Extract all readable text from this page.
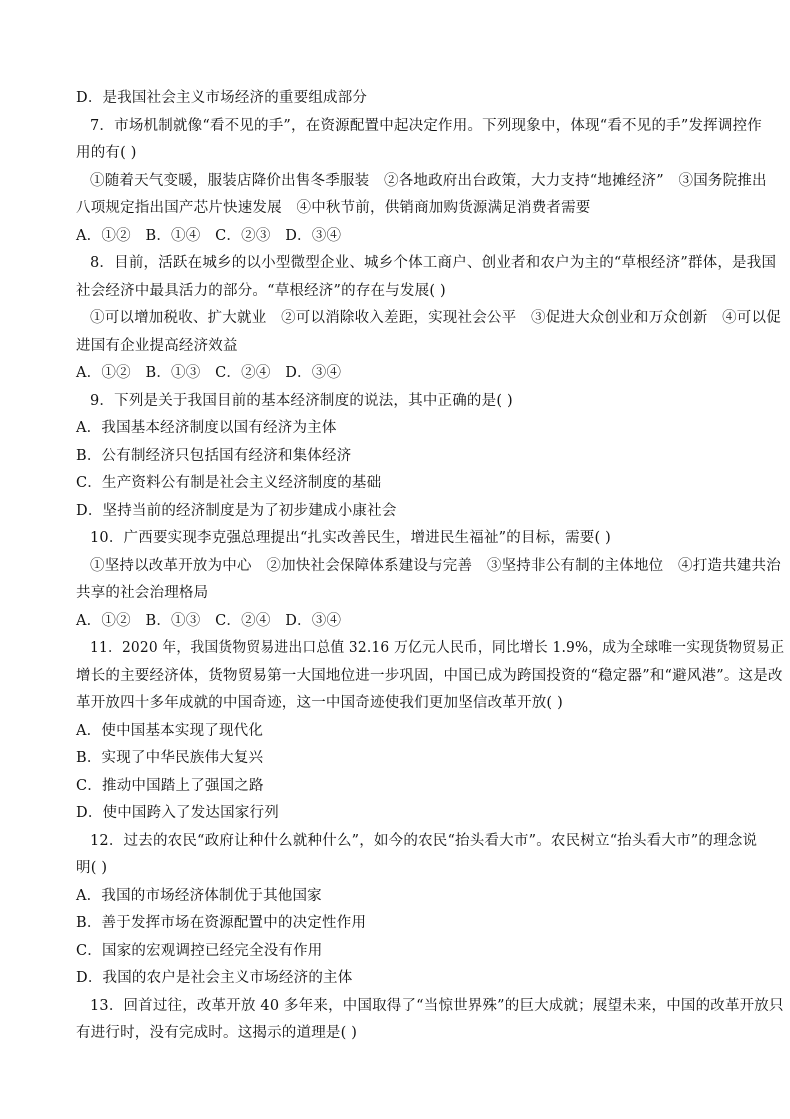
D．是我国社会主义市场经济的重要组成部分
7．市场机制就像“看不见的手”，在资源配置中起决定作用。下列现象中，体现“看不见的手”发挥调控作
用的有( )
①随着天气变暖，服装店降价出售冬季服装　②各地政府出台政策，大力支持“地摊经济”　③国务院推出
八项规定指出国产芯片快速发展　④中秋节前，供销商加购货源满足消费者需要
A．①②　B．①④　C．②③　D．③④
8．目前，活跃在城乡的以小型微型企业、城乡个体工商户、创业者和农户为主的“草根经济”群体，是我国
社会经济中最具活力的部分。“草根经济”的存在与发展( )
①可以增加税收、扩大就业　②可以消除收入差距，实现社会公平　③促进大众创业和万众创新　④可以促
进国有企业提高经济效益
A．①②　B．①③　C．②④　D．③④
9．下列是关于我国目前的基本经济制度的说法，其中正确的是( )
A．我国基本经济制度以国有经济为主体
B．公有制经济只包括国有经济和集体经济
C．生产资料公有制是社会主义经济制度的基础
D．坚持当前的经济制度是为了初步建成小康社会
10．广西要实现李克强总理提出“扎实改善民生，增进民生福祉”的目标，需要( )
①坚持以改革开放为中心　②加快社会保障体系建设与完善　③坚持非公有制的主体地位　④打造共建共治
共享的社会治理格局
A．①②　B．①③　C．②④　D．③④
11．2020 年，我国货物贸易进出口总值 32.16 万亿元人民币，同比增长 1.9%，成为全球唯一实现货物贸易正
增长的主要经济体，货物贸易第一大国地位进一步巩固，中国已成为跨国投资的“稳定器”和“避风港”。这是改
革开放四十多年成就的中国奇迹，这一中国奇迹使我们更加坚信改革开放( )
A．使中国基本实现了现代化
B．实现了中华民族伟大复兴
C．推动中国踏上了强国之路
D．使中国跨入了发达国家行列
12．过去的农民“政府让种什么就种什么”，如今的农民“抬头看大市”。农民树立“抬头看大市”的理念说
明( )
A．我国的市场经济体制优于其他国家
B．善于发挥市场在资源配置中的决定性作用
C．国家的宏观调控已经完全没有作用
D．我国的农户是社会主义市场经济的主体
13．回首过往，改革开放 40 多年来，中国取得了“当惊世界殊”的巨大成就；展望未来，中国的改革开放只
有进行时，没有完成时。这揭示的道理是( )
